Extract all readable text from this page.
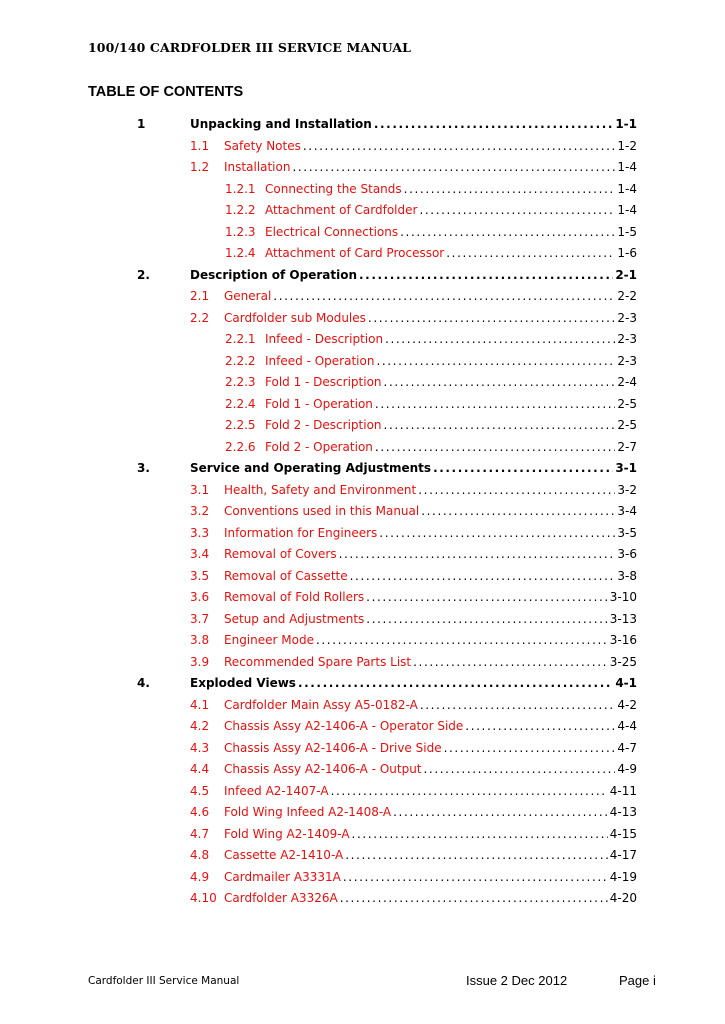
100/140 CARDFOLDER III SERVICE MANUAL
TABLE OF CONTENTS
1	Unpacking and Installation .....	1-1
1.1 Safety Notes .....	1-2
1.2 Installation .....	1-4
1.2.1 Connecting the Stands .....	1-4
1.2.2 Attachment of Cardfolder .....	1-4
1.2.3 Electrical Connections .....	1-5
1.2.4 Attachment of Card Processor .....	1-6
2.	Description of Operation .....	2-1
2.1 General .....	2-2
2.2 Cardfolder sub Modules .....	2-3
2.2.1 Infeed - Description .....	2-3
2.2.2 Infeed - Operation .....	2-3
2.2.3 Fold 1 - Description .....	2-4
2.2.4 Fold 1 - Operation .....	2-5
2.2.5 Fold 2 - Description .....	2-5
2.2.6 Fold 2 - Operation .....	2-7
3.	Service and Operating Adjustments .....	3-1
3.1 Health, Safety and Environment .....	3-2
3.2 Conventions used in this Manual .....	3-4
3.3 Information for Engineers .....	3-5
3.4 Removal of Covers .....	3-6
3.5 Removal of Cassette .....	3-8
3.6 Removal of Fold Rollers .....	3-10
3.7 Setup and Adjustments .....	3-13
3.8 Engineer Mode .....	3-16
3.9 Recommended Spare Parts List .....	3-25
4.	Exploded Views .....	4-1
4.1 Cardfolder Main Assy A5-0182-A .....	4-2
4.2 Chassis Assy A2-1406-A - Operator Side .....	4-4
4.3 Chassis Assy A2-1406-A - Drive Side .....	4-7
4.4 Chassis Assy A2-1406-A - Output .....	4-9
4.5 Infeed A2-1407-A .....	4-11
4.6 Fold Wing Infeed A2-1408-A .....	4-13
4.7 Fold Wing A2-1409-A .....	4-15
4.8 Cassette A2-1410-A .....	4-17
4.9 Cardmailer A3331A .....	4-19
4.10 Cardfolder A3326A .....	4-20
Cardfolder III Service Manual	Issue 2 Dec 2012	Page i
